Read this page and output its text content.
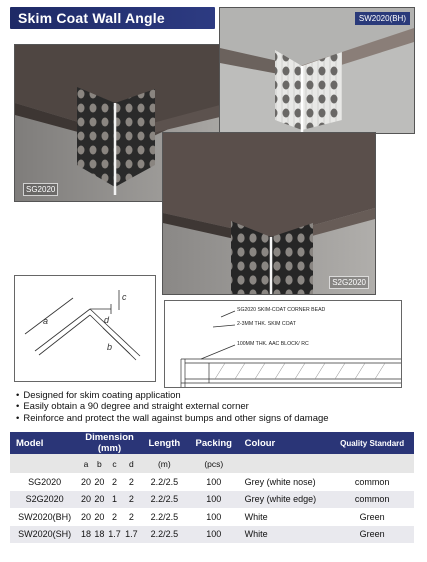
Skim Coat Wall Angle
SG2020
SW2020(BH)
S2G2020
a
b
c
d
SG2020 SKIM-COAT CORNER BEAD
2-3MM THK. SKIM COAT
100MM THK. AAC BLOCK/ RC
• Designed for skim coating application
• Easily obtain a 90 degree and straight external corner
• Reinforce and protect the wall against bumps and other signs of damage
Model	Dimension (mm)				Length	Packing	Colour	Quality Standard
	a	b	c	d	(m)	(pcs)		
SG2020	20	20	2	2	2.2/2.5	100	Grey (white nose)	common
S2G2020	20	20	1	2	2.2/2.5	100	Grey (white edge)	common
SW2020(BH)	20	20	2	2	2.2/2.5	100	White	Green
SW2020(SH)	18	18	1.7	1.7	2.2/2.5	100	White	Green
